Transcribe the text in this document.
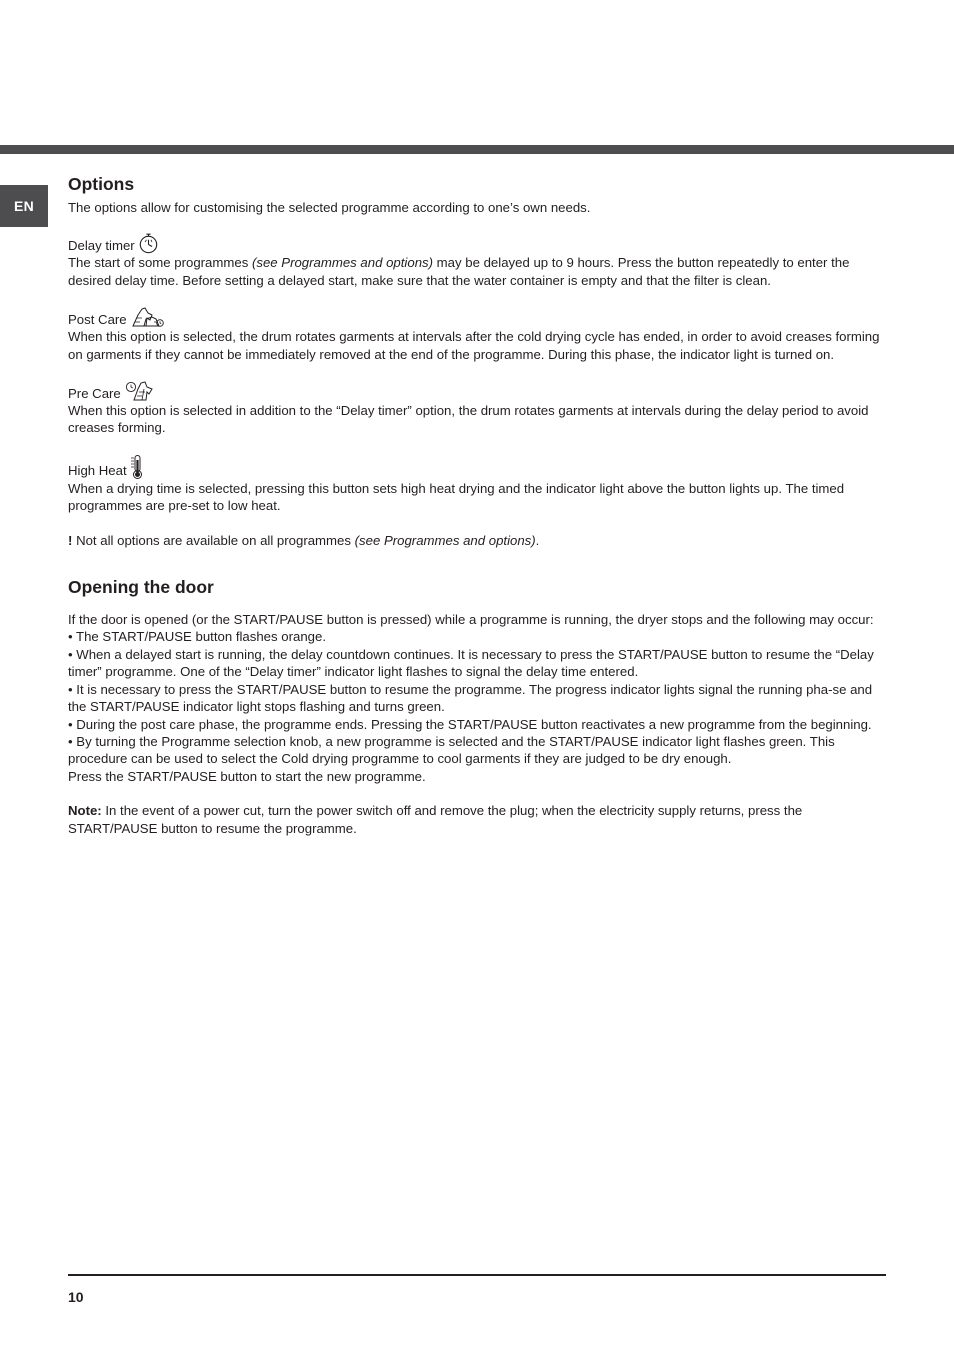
EN
Options

The options allow for customising the selected programme according to one’s own needs.

Delay timer

The start of some programmes (see Programmes and options) may be delayed up to 9 hours. Press the button repeatedly to enter the desired delay time. Before setting a delayed start, make sure that the water container is empty and that the filter is clean.

Post Care

When this option is selected, the drum rotates garments at intervals after the cold drying cycle has ended, in order to avoid creases forming on garments if they cannot be immediately removed at the end of the programme. During this phase, the indicator light is turned on.

Pre Care

When this option is selected in addition to the “Delay timer” option, the drum rotates garments at intervals during the delay period to avoid creases forming.

High Heat

When a drying time is selected, pressing this button sets high heat drying and the indicator light above the button lights up. The timed programmes are pre-set to low heat.

! Not all options are available on all programmes (see Programmes and options).

Opening the door

If the door is opened (or the START/PAUSE button is pressed) while a programme is running, the dryer stops and the following may occur:

• The START/PAUSE button flashes orange.

• When a delayed start is running, the delay countdown continues. It is necessary to press the START/PAUSE button to resume the “Delay timer” programme. One of the “Delay timer” indicator light flashes to signal the delay time entered.

• It is necessary to press the START/PAUSE button to resume the programme. The progress indicator lights signal the running pha-se and the START/PAUSE indicator light stops flashing and turns green.

• During the post care phase, the programme ends. Pressing the START/PAUSE button reactivates a new programme from the beginning.

• By turning the Programme selection knob, a new programme is selected and the START/PAUSE indicator light flashes green. This procedure can be used to select the Cold drying programme to cool garments if they are judged to be dry enough.

Press the START/PAUSE button to start the new programme.

Note: In the event of a power cut, turn the power switch off and remove the plug; when the electricity supply returns, press the START/PAUSE button to resume the programme.

10
